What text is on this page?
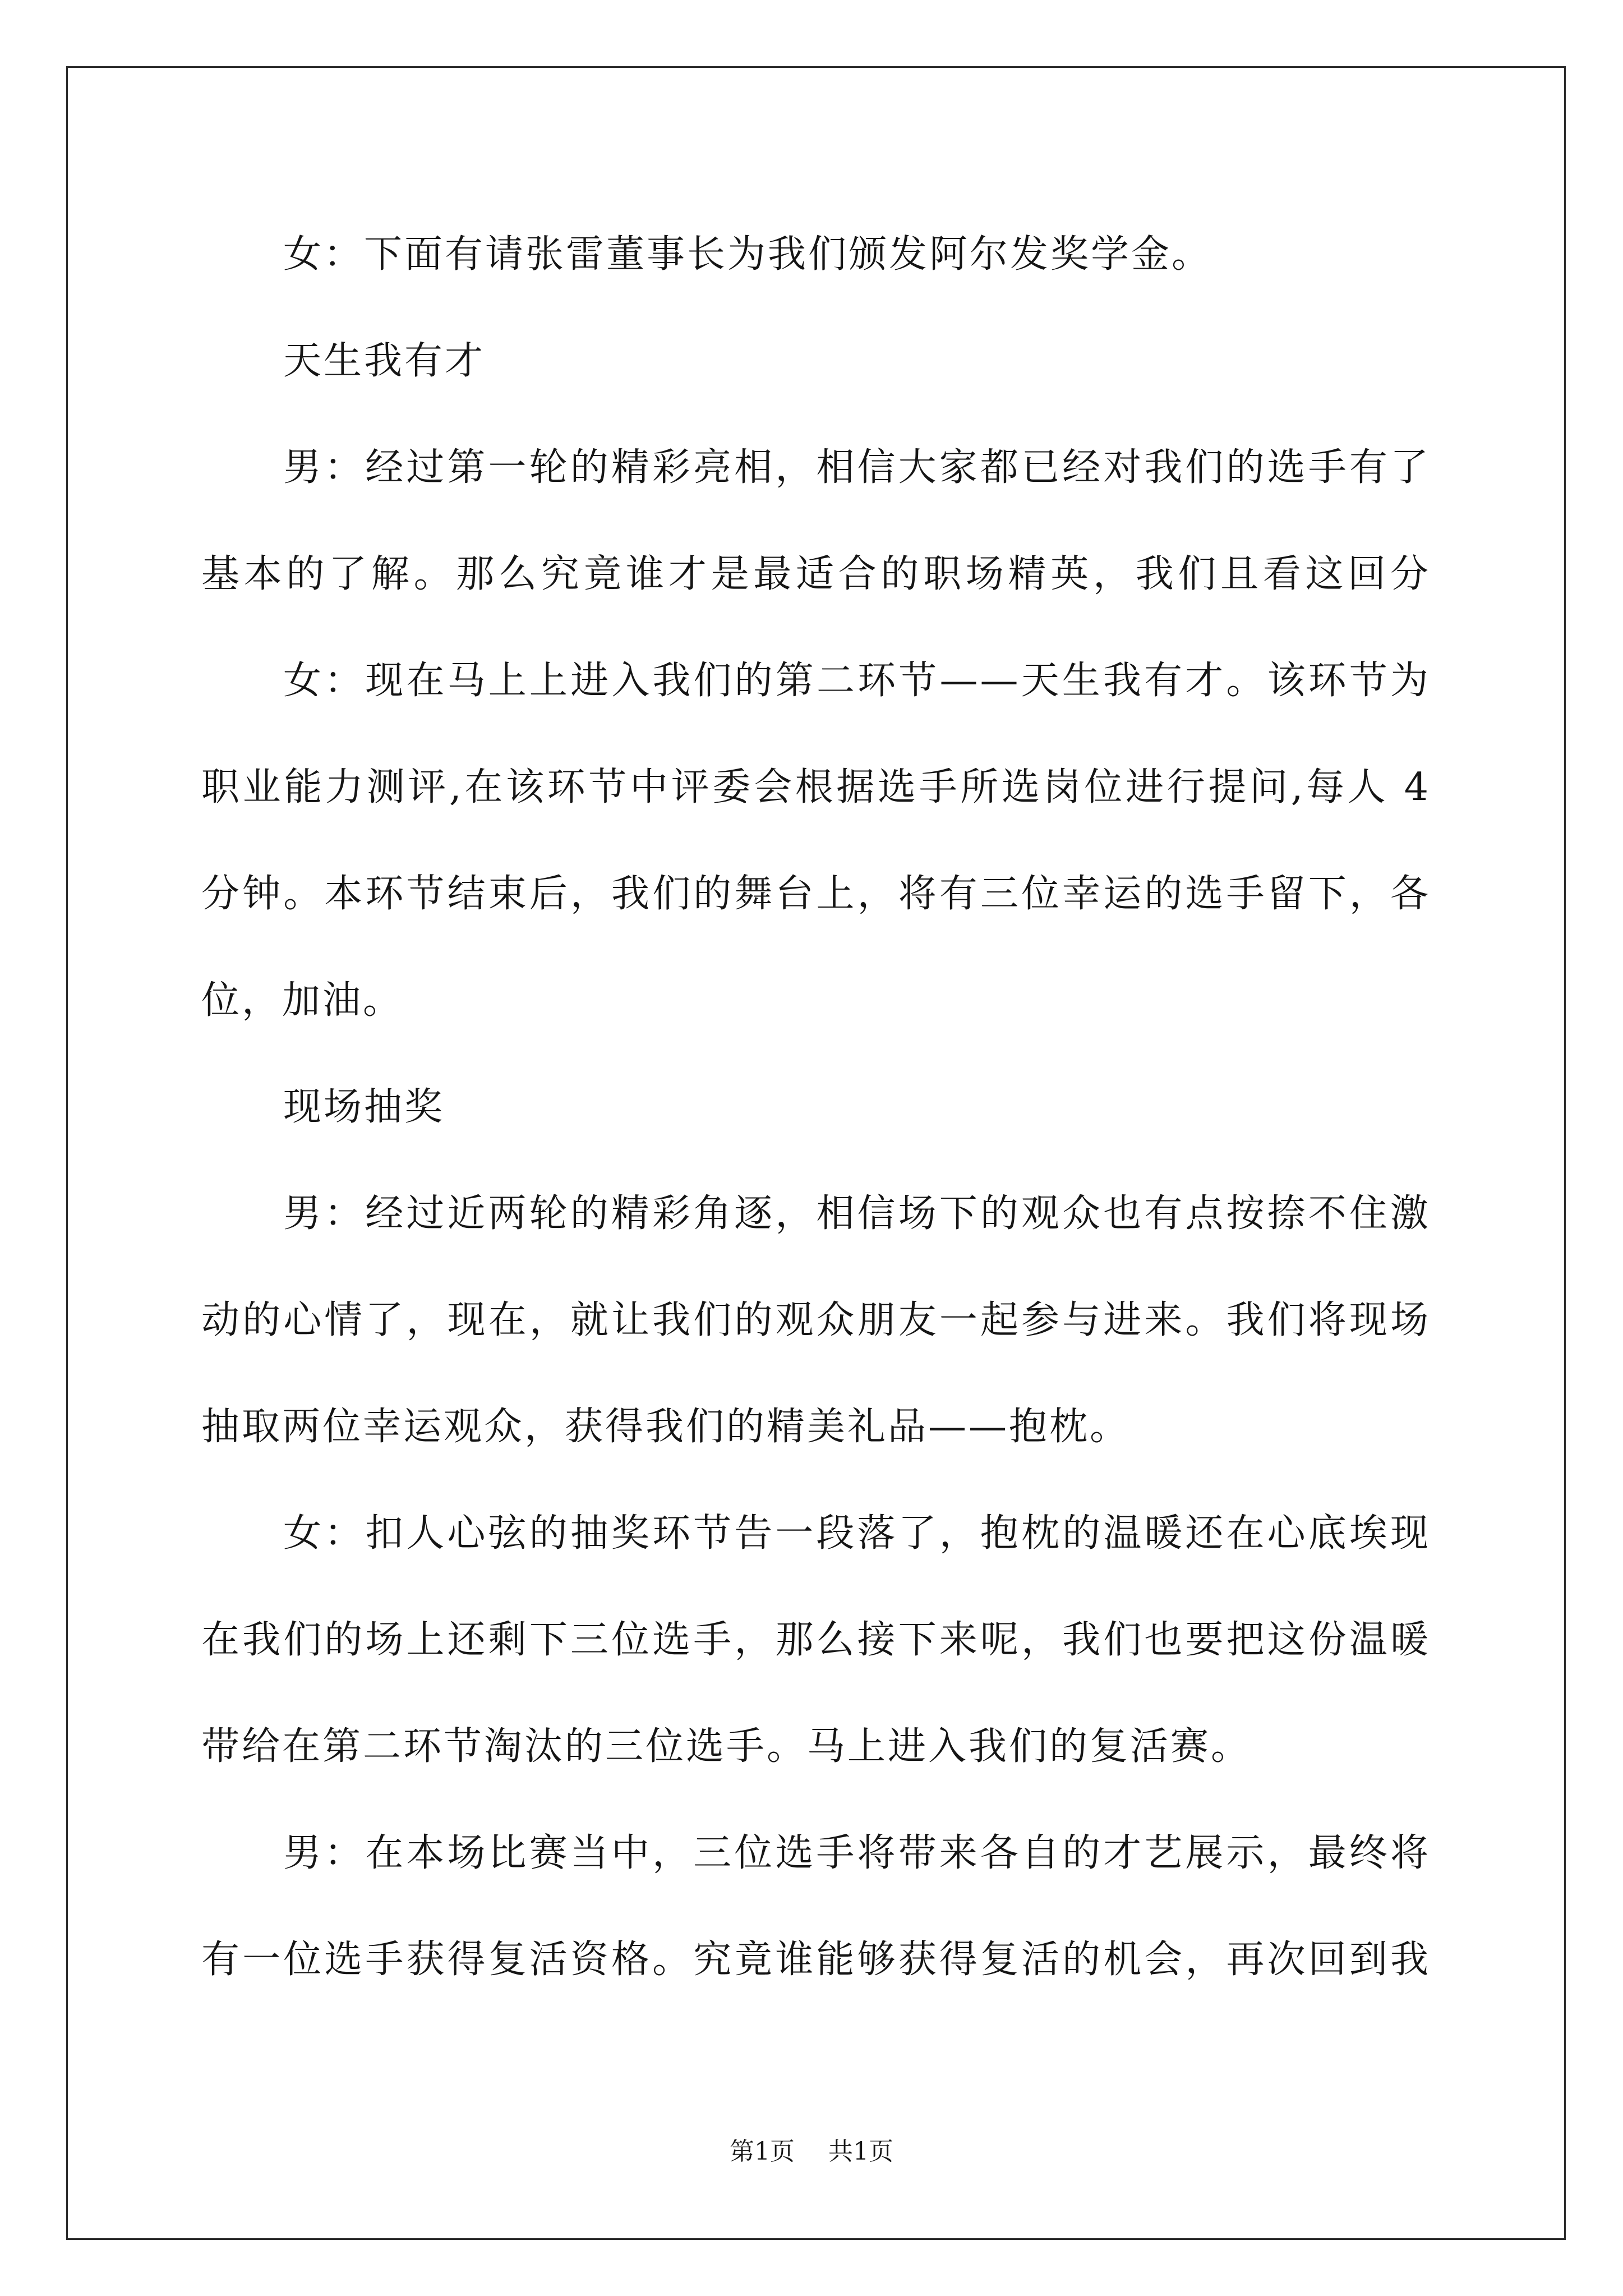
女：下面有请张雷董事长为我们颁发阿尔发奖学金。
天生我有才
男：经过第一轮的精彩亮相，相信大家都已经对我们的选手有了
基本的了解。那么究竟谁才是最适合的职场精英，我们且看这回分
女：现在马上上进入我们的第二环节——天生我有才。该环节为
职业能力测评,在该环节中评委会根据选手所选岗位进行提问,每人 4
分钟。本环节结束后，我们的舞台上，将有三位幸运的选手留下，各
位，加油。
现场抽奖
男：经过近两轮的精彩角逐，相信场下的观众也有点按捺不住激
动的心情了，现在，就让我们的观众朋友一起参与进来。我们将现场
抽取两位幸运观众，获得我们的精美礼品——抱枕。
女：扣人心弦的抽奖环节告一段落了，抱枕的温暖还在心底埃现
在我们的场上还剩下三位选手，那么接下来呢，我们也要把这份温暖
带给在第二环节淘汰的三位选手。马上进入我们的复活赛。
男：在本场比赛当中，三位选手将带来各自的才艺展示，最终将
有一位选手获得复活资格。究竟谁能够获得复活的机会，再次回到我
第1页 共1页
